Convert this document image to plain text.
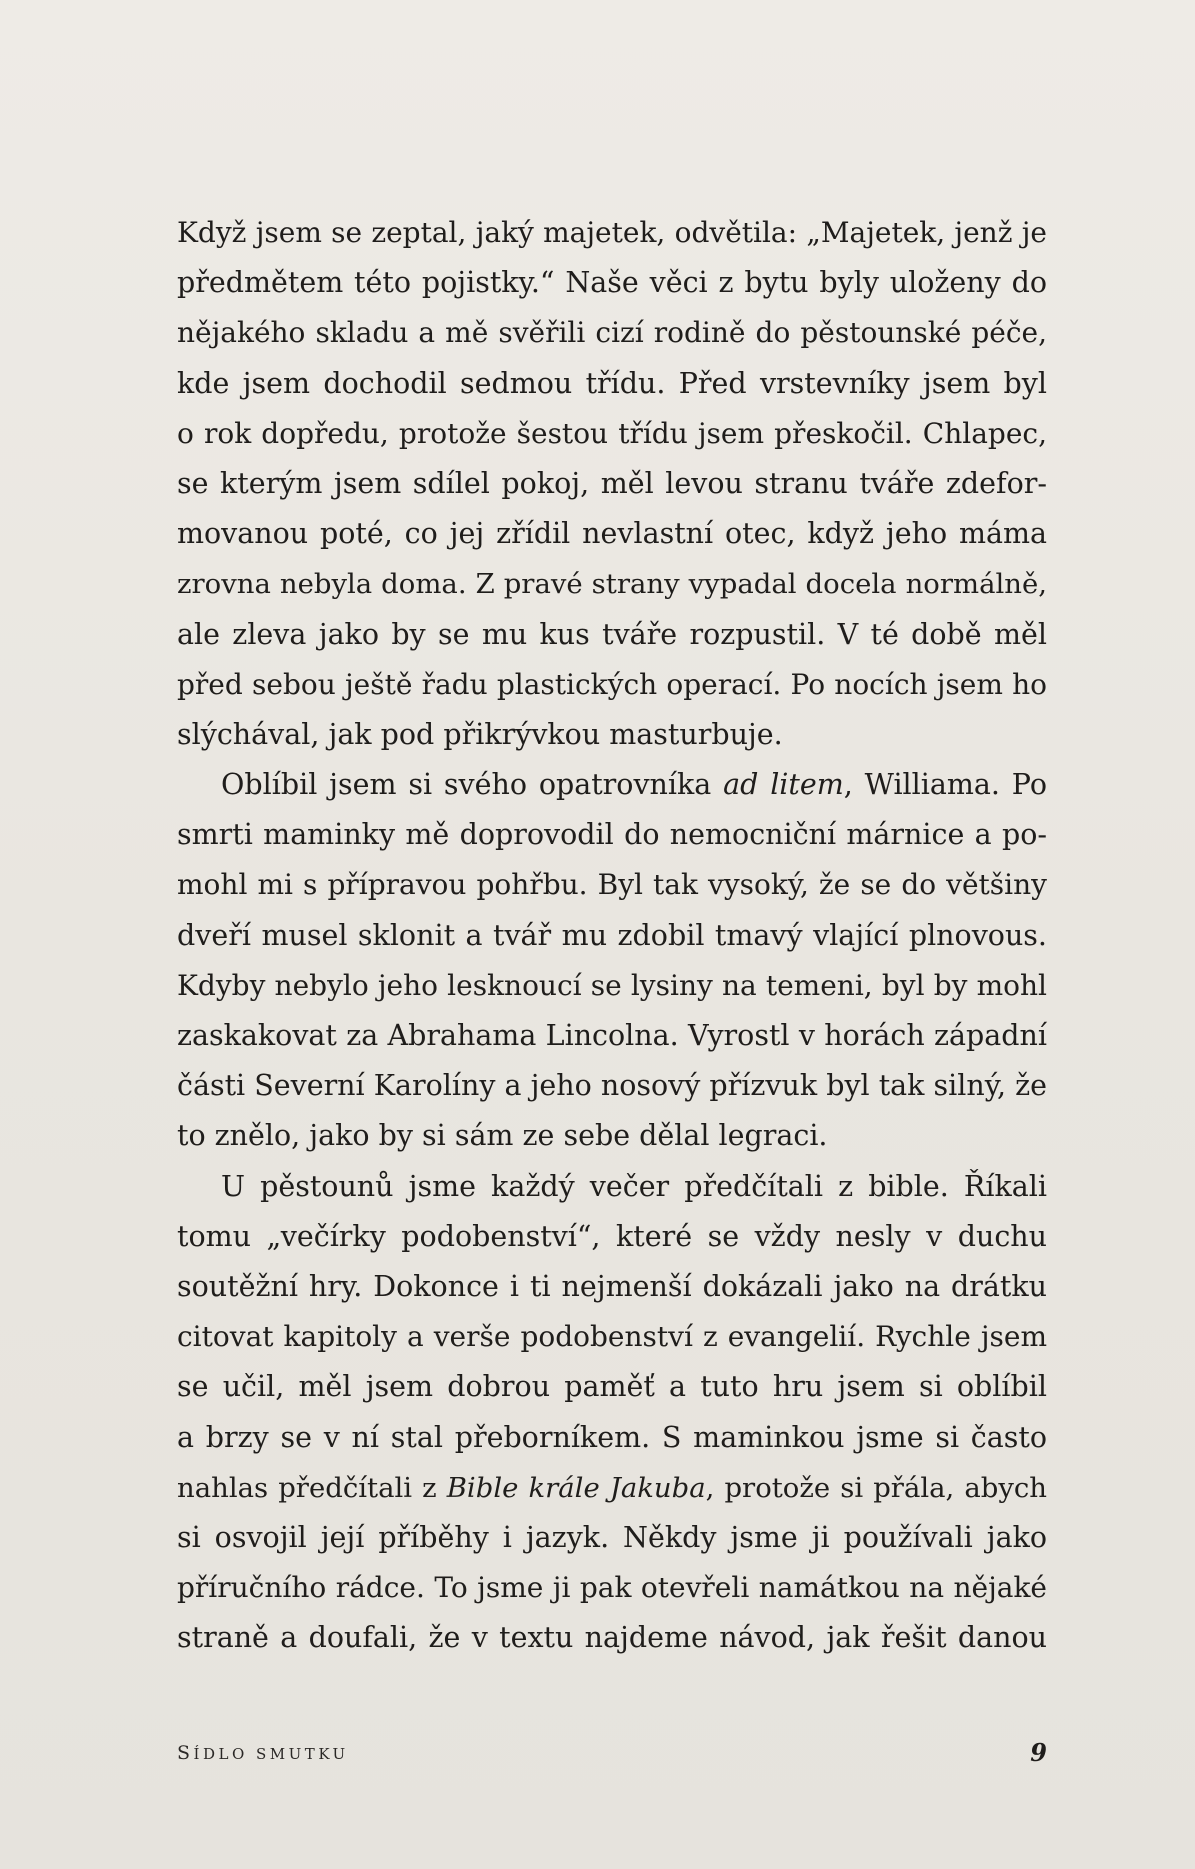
Když jsem se zeptal, jaký majetek, odvětila: „Majetek, jenž je
předmětem této pojistky.“ Naše věci z bytu byly uloženy do
nějakého skladu a mě svěřili cizí rodině do pěstounské péče,
kde jsem dochodil sedmou třídu. Před vrstevníky jsem byl
o rok dopředu, protože šestou třídu jsem přeskočil. Chlapec,
se kterým jsem sdílel pokoj, měl levou stranu tváře zdefor-
movanou poté, co jej zřídil nevlastní otec, když jeho máma
zrovna nebyla doma. Z pravé strany vypadal docela normálně,
ale zleva jako by se mu kus tváře rozpustil. V té době měl
před sebou ještě řadu plastických operací. Po nocích jsem ho
slýchával, jak pod přikrývkou masturbuje.
Oblíbil jsem si svého opatrovníka ad litem, Williama. Po
smrti maminky mě doprovodil do nemocniční márnice a po-
mohl mi s přípravou pohřbu. Byl tak vysoký, že se do většiny
dveří musel sklonit a tvář mu zdobil tmavý vlající plnovous.
Kdyby nebylo jeho lesknoucí se lysiny na temeni, byl by mohl
zaskakovat za Abrahama Lincolna. Vyrostl v horách západní
části Severní Karolíny a jeho nosový přízvuk byl tak silný, že
to znělo, jako by si sám ze sebe dělal legraci.
U pěstounů jsme každý večer předčítali z bible. Říkali
tomu „večírky podobenství“, které se vždy nesly v duchu
soutěžní hry. Dokonce i ti nejmenší dokázali jako na drátku
citovat kapitoly a verše podobenství z evangelií. Rychle jsem
se učil, měl jsem dobrou paměť a tuto hru jsem si oblíbil
a brzy se v ní stal přeborníkem. S maminkou jsme si často
nahlas předčítali z Bible krále Jakuba, protože si přála, abych
si osvojil její příběhy i jazyk. Někdy jsme ji používali jako
příručního rádce. To jsme ji pak otevřeli namátkou na nějaké
straně a doufali, že v textu najdeme návod, jak řešit danou
SÍDLO SMUTKU	9
